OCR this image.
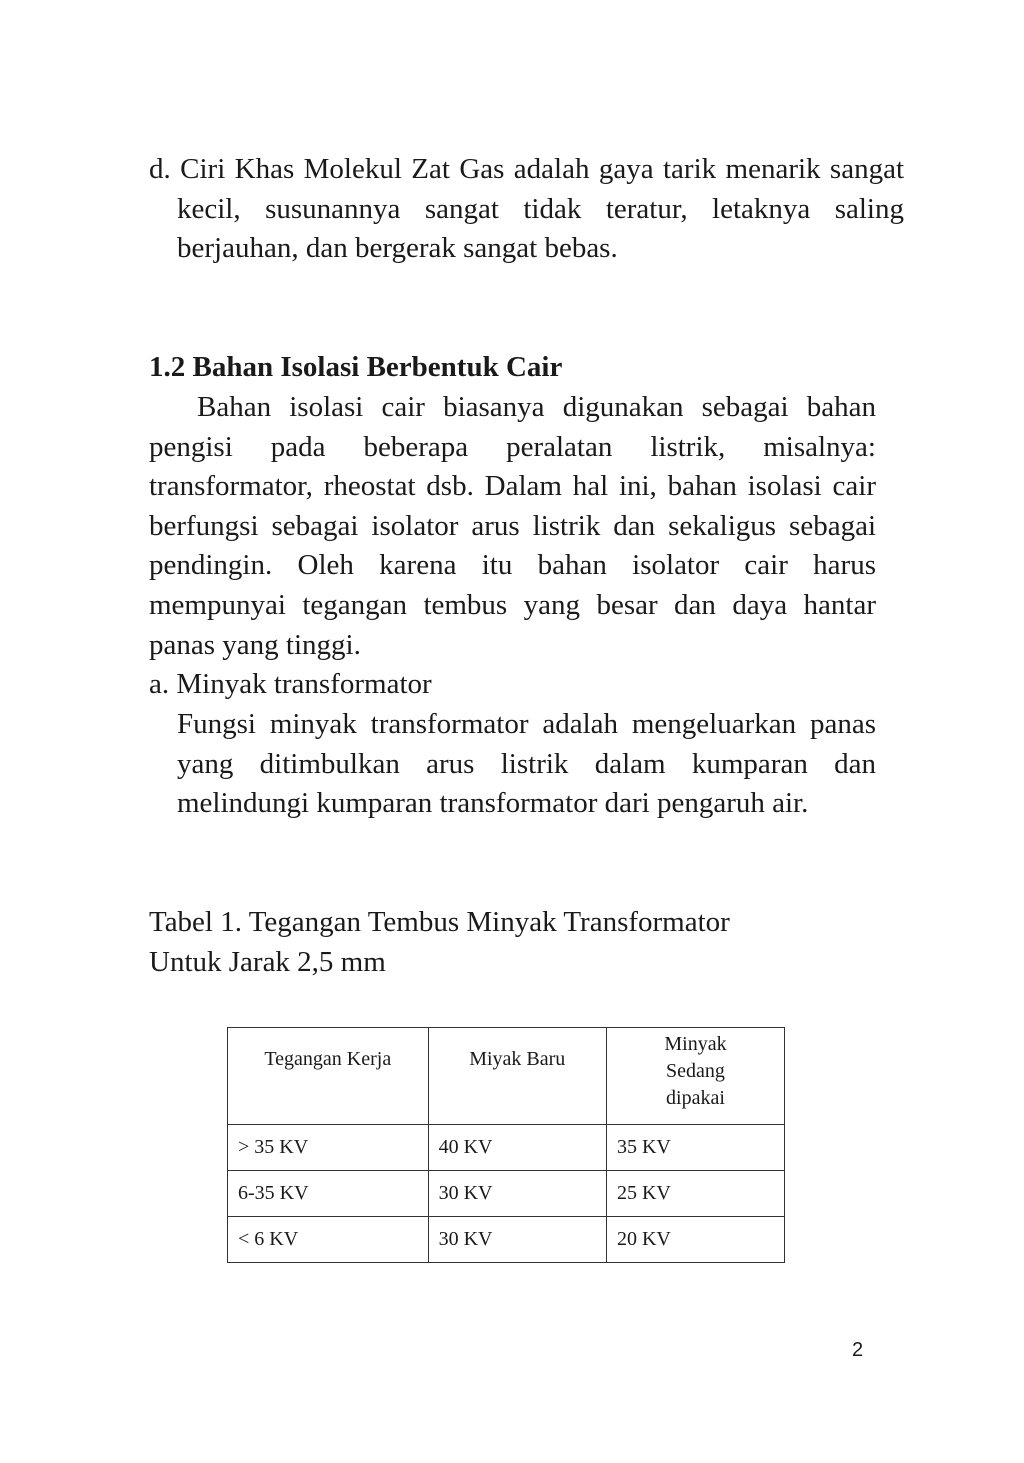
d. Ciri Khas Molekul Zat Gas adalah gaya tarik menarik sangat kecil, susunannya sangat tidak teratur, letaknya saling berjauhan, dan bergerak sangat bebas.
1.2 Bahan Isolasi Berbentuk Cair
Bahan isolasi cair biasanya digunakan sebagai bahan pengisi pada beberapa peralatan listrik, misalnya: transformator, rheostat dsb. Dalam hal ini, bahan isolasi cair berfungsi sebagai isolator arus listrik dan sekaligus sebagai pendingin. Oleh karena itu bahan isolator cair harus mempunyai tegangan tembus yang besar dan daya hantar panas yang tinggi.
a. Minyak transformator
Fungsi minyak transformator adalah mengeluarkan panas yang ditimbulkan arus listrik dalam kumparan dan melindungi kumparan transformator dari pengaruh air.
Tabel 1. Tegangan Tembus Minyak Transformator
Untuk Jarak 2,5 mm
Tegangan Kerja	Miyak Baru	Minyak
Sedang
dipakai

> 35 KV	40 KV	35 KV
6-35 KV	30 KV	25 KV
< 6 KV	30 KV	20 KV
2
